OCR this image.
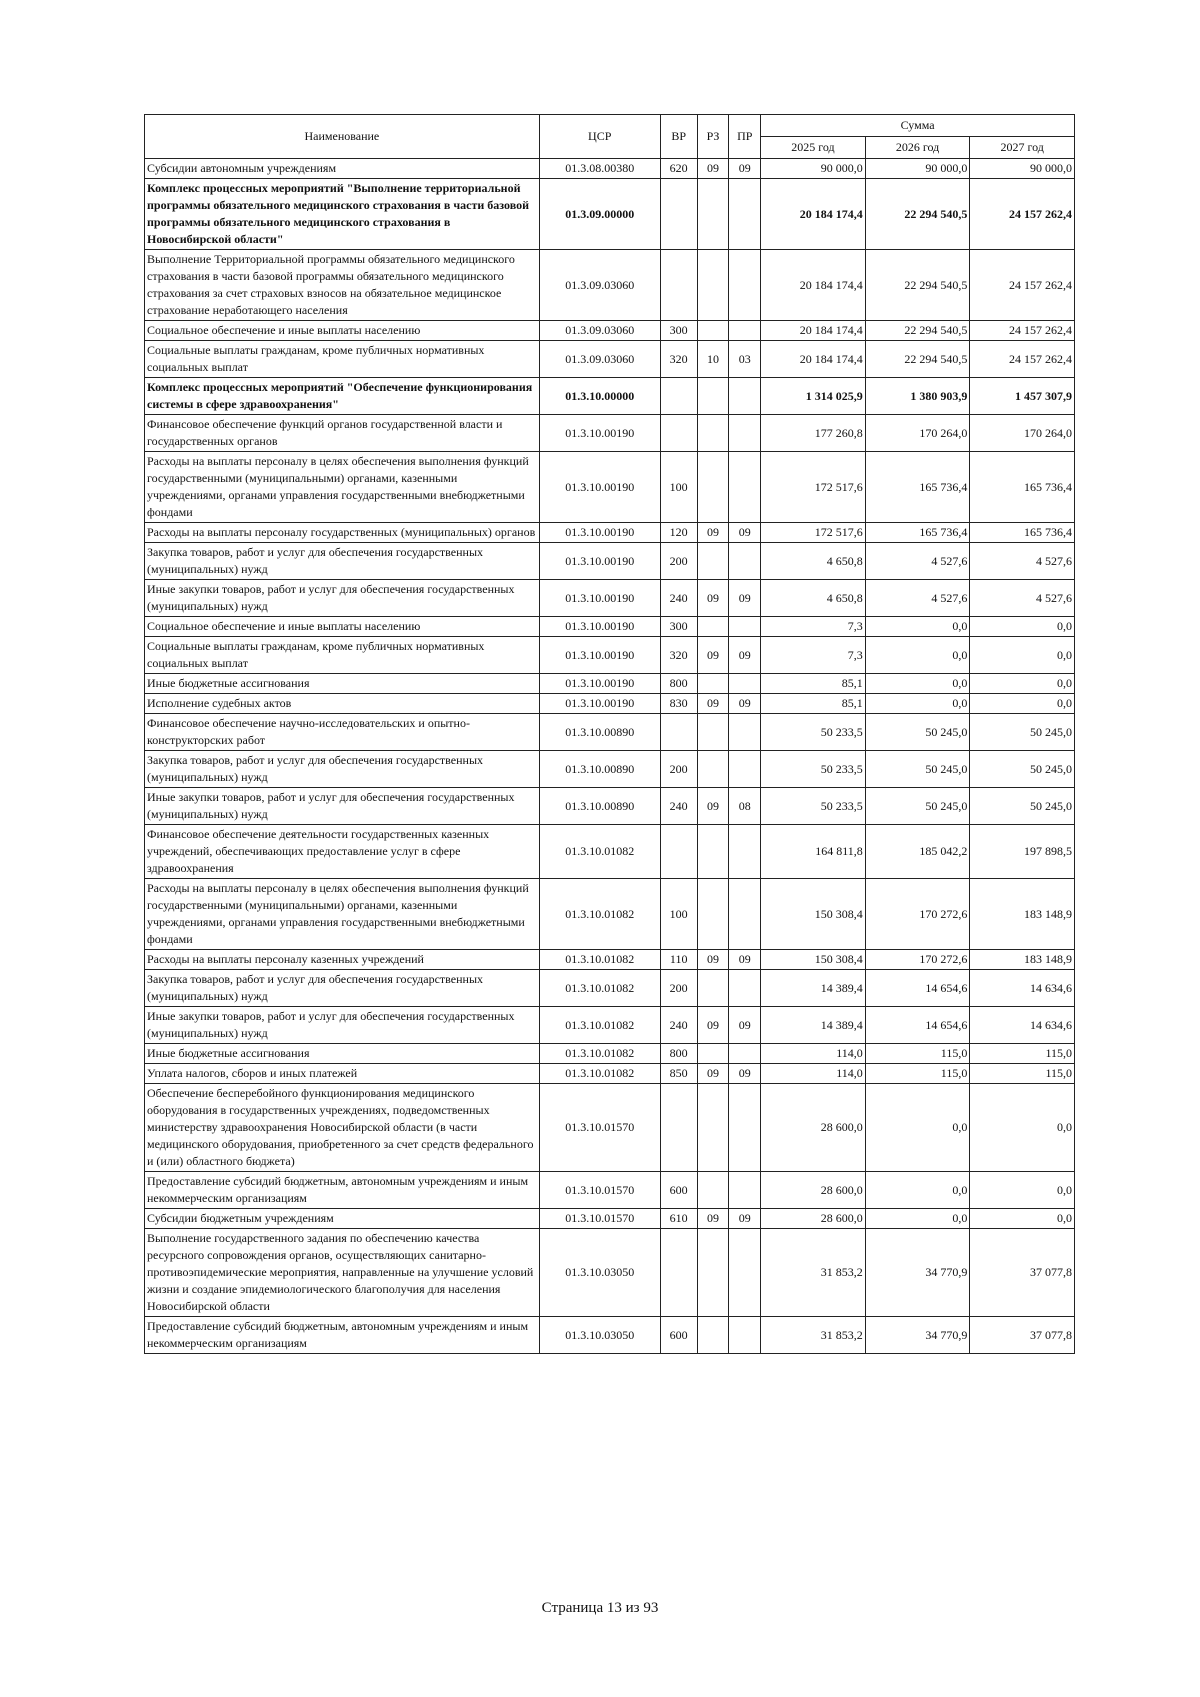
Наименование	ЦСР	ВР	РЗ	ПР	Сумма		
					2025 год	2026 год	2027 год
Субсидии автономным учреждениям	01.3.08.00380	620	09	09	90 000,0	90 000,0	90 000,0
Комплекс процессных мероприятий "Выполнение территориальной программы обязательного медицинского страхования в части базовой программы обязательного медицинского страхования в Новосибирской области"	01.3.09.00000				20 184 174,4	22 294 540,5	24 157 262,4
Выполнение Территориальной программы обязательного медицинского страхования в части базовой программы обязательного медицинского страхования за счет страховых взносов на обязательное медицинское страхование неработающего населения	01.3.09.03060				20 184 174,4	22 294 540,5	24 157 262,4
Социальное обеспечение и иные выплаты населению	01.3.09.03060	300			20 184 174,4	22 294 540,5	24 157 262,4
Социальные выплаты гражданам, кроме публичных нормативных социальных выплат	01.3.09.03060	320	10	03	20 184 174,4	22 294 540,5	24 157 262,4
Комплекс процессных мероприятий "Обеспечение функционирования системы в сфере здравоохранения"	01.3.10.00000				1 314 025,9	1 380 903,9	1 457 307,9
Финансовое обеспечение функций органов государственной власти и государственных органов	01.3.10.00190				177 260,8	170 264,0	170 264,0
Расходы на выплаты персоналу в целях обеспечения выполнения функций государственными (муниципальными) органами, казенными учреждениями, органами управления государственными внебюджетными фондами	01.3.10.00190	100			172 517,6	165 736,4	165 736,4
Расходы на выплаты персоналу государственных (муниципальных) органов	01.3.10.00190	120	09	09	172 517,6	165 736,4	165 736,4
Закупка товаров, работ и услуг для обеспечения государственных (муниципальных) нужд	01.3.10.00190	200			4 650,8	4 527,6	4 527,6
Иные закупки товаров, работ и услуг для обеспечения государственных (муниципальных) нужд	01.3.10.00190	240	09	09	4 650,8	4 527,6	4 527,6
Социальное обеспечение и иные выплаты населению	01.3.10.00190	300			7,3	0,0	0,0
Социальные выплаты гражданам, кроме публичных нормативных социальных выплат	01.3.10.00190	320	09	09	7,3	0,0	0,0
Иные бюджетные ассигнования	01.3.10.00190	800			85,1	0,0	0,0
Исполнение судебных актов	01.3.10.00190	830	09	09	85,1	0,0	0,0
Финансовое обеспечение научно-исследовательских и опытно-конструкторских работ	01.3.10.00890				50 233,5	50 245,0	50 245,0
Закупка товаров, работ и услуг для обеспечения государственных (муниципальных) нужд	01.3.10.00890	200			50 233,5	50 245,0	50 245,0
Иные закупки товаров, работ и услуг для обеспечения государственных (муниципальных) нужд	01.3.10.00890	240	09	08	50 233,5	50 245,0	50 245,0
Финансовое обеспечение деятельности государственных казенных учреждений, обеспечивающих предоставление услуг в сфере здравоохранения	01.3.10.01082				164 811,8	185 042,2	197 898,5
Расходы на выплаты персоналу в целях обеспечения выполнения функций государственными (муниципальными) органами, казенными учреждениями, органами управления государственными внебюджетными фондами	01.3.10.01082	100			150 308,4	170 272,6	183 148,9
Расходы на выплаты персоналу казенных учреждений	01.3.10.01082	110	09	09	150 308,4	170 272,6	183 148,9
Закупка товаров, работ и услуг для обеспечения государственных (муниципальных) нужд	01.3.10.01082	200			14 389,4	14 654,6	14 634,6
Иные закупки товаров, работ и услуг для обеспечения государственных (муниципальных) нужд	01.3.10.01082	240	09	09	14 389,4	14 654,6	14 634,6
Иные бюджетные ассигнования	01.3.10.01082	800			114,0	115,0	115,0
Уплата налогов, сборов и иных платежей	01.3.10.01082	850	09	09	114,0	115,0	115,0
Обеспечение бесперебойного функционирования медицинского оборудования в государственных учреждениях, подведомственных министерству здравоохранения Новосибирской области (в части медицинского оборудования, приобретенного за счет средств федерального и (или) областного бюджета)	01.3.10.01570				28 600,0	0,0	0,0
Предоставление субсидий бюджетным, автономным учреждениям и иным некоммерческим организациям	01.3.10.01570	600			28 600,0	0,0	0,0
Субсидии бюджетным учреждениям	01.3.10.01570	610	09	09	28 600,0	0,0	0,0
Выполнение государственного задания по обеспечению качества ресурсного сопровождения органов, осуществляющих санитарно-противоэпидемические мероприятия, направленные на улучшение условий жизни и создание эпидемиологического благополучия для населения Новосибирской области	01.3.10.03050				31 853,2	34 770,9	37 077,8
Предоставление субсидий бюджетным, автономным учреждениям и иным некоммерческим организациям	01.3.10.03050	600			31 853,2	34 770,9	37 077,8
Страница 13 из 93
